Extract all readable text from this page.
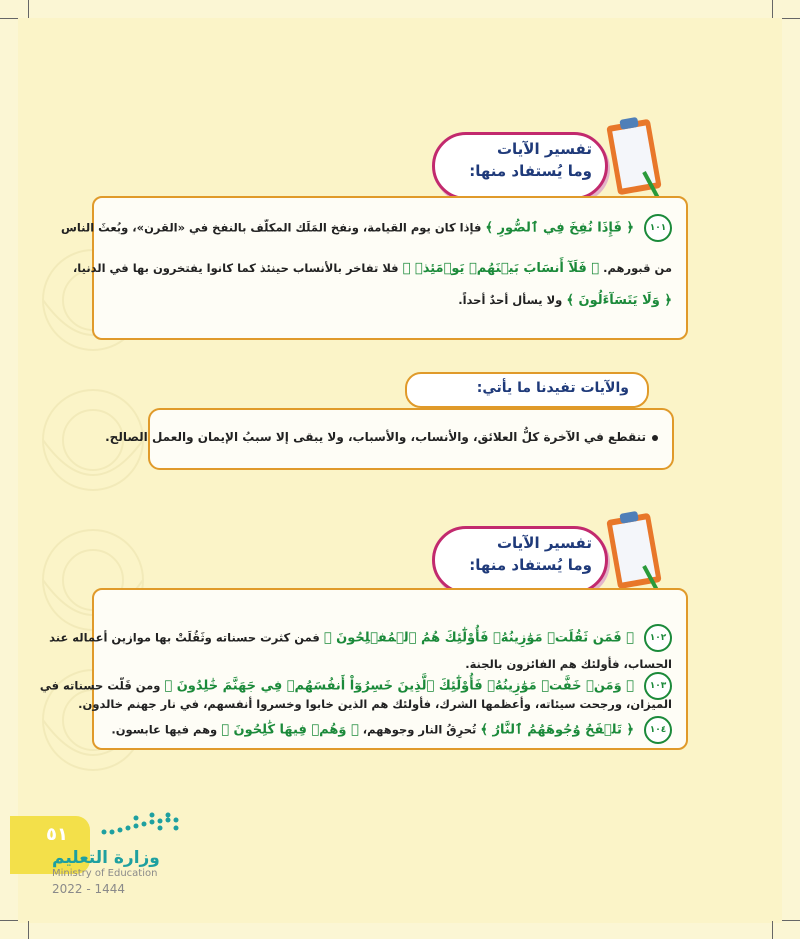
تفسير الآيات
وما يُستفاد منها:
١٠١ ﴿ فَإِذَا نُفِخَ فِي ٱلصُّورِ ﴾ فإذا كان يوم القيامة، ونفخ المَلَك المكلّف بالنفخ في «القرن»، وبُعثَ الناس
من قبورهم. ﴿ فَلَآ أَنسَابَ بَيۡنَهُمۡ يَوۡمَئِذٖ ﴾ فلا تفاخر بالأنساب حينئذ كما كانوا يفتخرون بها في الدنيا،
﴿ وَلَا يَتَسَآءَلُونَ ﴾ ولا يسأل أحدٌ أحداً.
والآيات تفيدنا ما يأتي:
تنقطع في الآخرة كلُّ العلائق، والأنساب، والأسباب، ولا يبقى إلا سببُ الإيمان والعمل الصالح.
تفسير الآيات
وما يُستفاد منها:
١٠٢ ﴿ فَمَن ثَقُلَتۡ مَوَٰزِينُهُۥ فَأُوْلَٰٓئِكَ هُمُ ٱلۡمُفۡلِحُونَ ﴾ فمن كثرت حسناته وثَقُلَتْ بها موازين أعماله عند
الحساب، فأولئك هم الفائزون بالجنة.
١٠٣ ﴿ وَمَنۡ خَفَّتۡ مَوَٰزِينُهُۥ فَأُوْلَٰٓئِكَ ٱلَّذِينَ خَسِرُوٓاْ أَنفُسَهُمۡ فِي جَهَنَّمَ خَٰلِدُونَ ﴾ ومن قَلّت حسناته في
الميزان، ورجحت سيئاته، وأعظمها الشرك، فأولئك هم الذين خابوا وخسروا أنفسهم، في نار جهنم خالدون.
١٠٤ ﴿ تَلۡفَحُ وُجُوهَهُمُ ٱلنَّارُ ﴾ تُحرِقُ النار وجوههم، ﴿ وَهُمۡ فِيهَا كَٰلِحُونَ ﴾ وهم فيها عابسون.
٥١
وزارة التعليم
Ministry of Education
2022 - 1444
